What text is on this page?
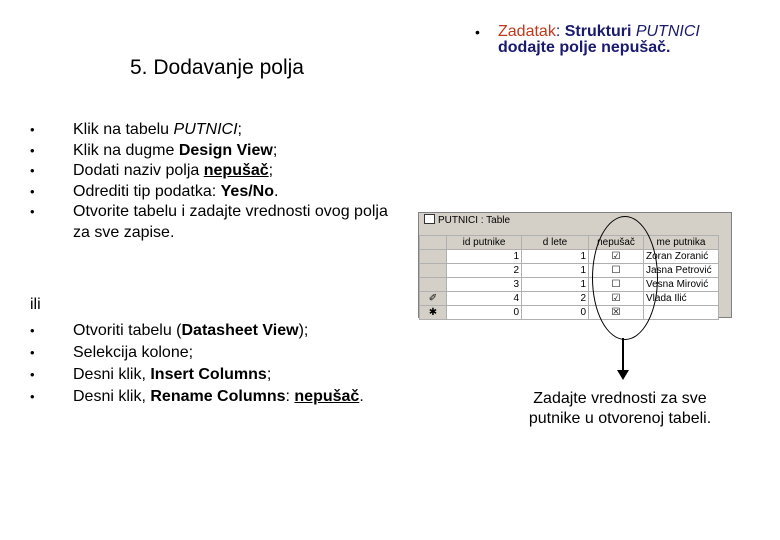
5. Dodavanje polja
• Zadatak: Strukturi PUTNICI dodajte polje nepušač.
• Klik na tabelu PUTNICI;
• Klik na dugme Design View;
• Dodati naziv polja nepušač;
• Odrediti tip podatka: Yes/No.
• Otvorite tabelu i zadajte vrednosti ovog polja za sve zapise.
ili
• Otvoriti tabelu (Datasheet View);
• Selekcija kolone;
• Desni klik, Insert Columns;
• Desni klik, Rename Columns: nepušač.
PUTNICI : Table
	id putnike	d lete	nepušač	me putnika
	1	1	☑	Zoran Zoranić
	2	1	☐	Jasna Petrović
	3	1	☐	Vesna Mirović
✐	4	2	☑	Vlada Ilić
✱	0	0	☒	
Zadajte vrednosti za sve putnike u otvorenoj tabeli.
